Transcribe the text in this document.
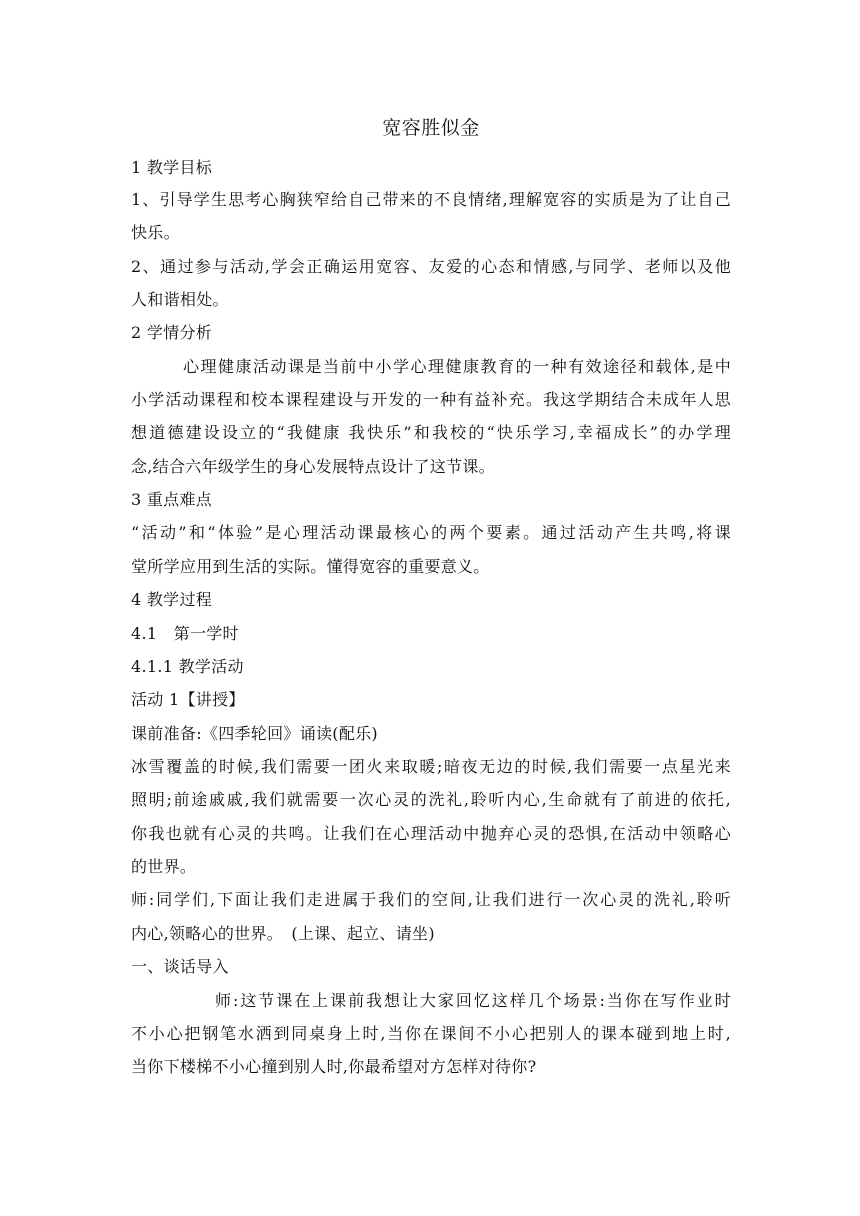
宽容胜似金
1 教学目标
1、引导学生思考心胸狭窄给自己带来的不良情绪,理解宽容的实质是为了让自己
快乐。
2、通过参与活动,学会正确运用宽容、友爱的心态和情感,与同学、老师以及他
人和谐相处。
2 学情分析
心理健康活动课是当前中小学心理健康教育的一种有效途径和载体,是中
小学活动课程和校本课程建设与开发的一种有益补充。我这学期结合未成年人思
想道德建设设立的“我健康 我快乐”和我校的“快乐学习,幸福成长”的办学理
念,结合六年级学生的身心发展特点设计了这节课。
3 重点难点
“活动”和“体验”是心理活动课最核心的两个要素。通过活动产生共鸣,将课
堂所学应用到生活的实际。懂得宽容的重要意义。
4 教学过程
4.1　第一学时
4.1.1 教学活动
活动 1【讲授】
课前准备:《四季轮回》诵读(配乐)
冰雪覆盖的时候,我们需要一团火来取暖;暗夜无边的时候,我们需要一点星光来
照明;前途戚戚,我们就需要一次心灵的洗礼,聆听内心,生命就有了前进的依托,
你我也就有心灵的共鸣。让我们在心理活动中抛弃心灵的恐惧,在活动中领略心
的世界。
师:同学们,下面让我们走进属于我们的空间,让我们进行一次心灵的洗礼,聆听
内心,领略心的世界。　(上课、起立、请坐)
一、谈话导入
师:这节课在上课前我想让大家回忆这样几个场景:当你在写作业时
不小心把钢笔水洒到同桌身上时,当你在课间不小心把别人的课本碰到地上时,
当你下楼梯不小心撞到别人时,你最希望对方怎样对待你?
